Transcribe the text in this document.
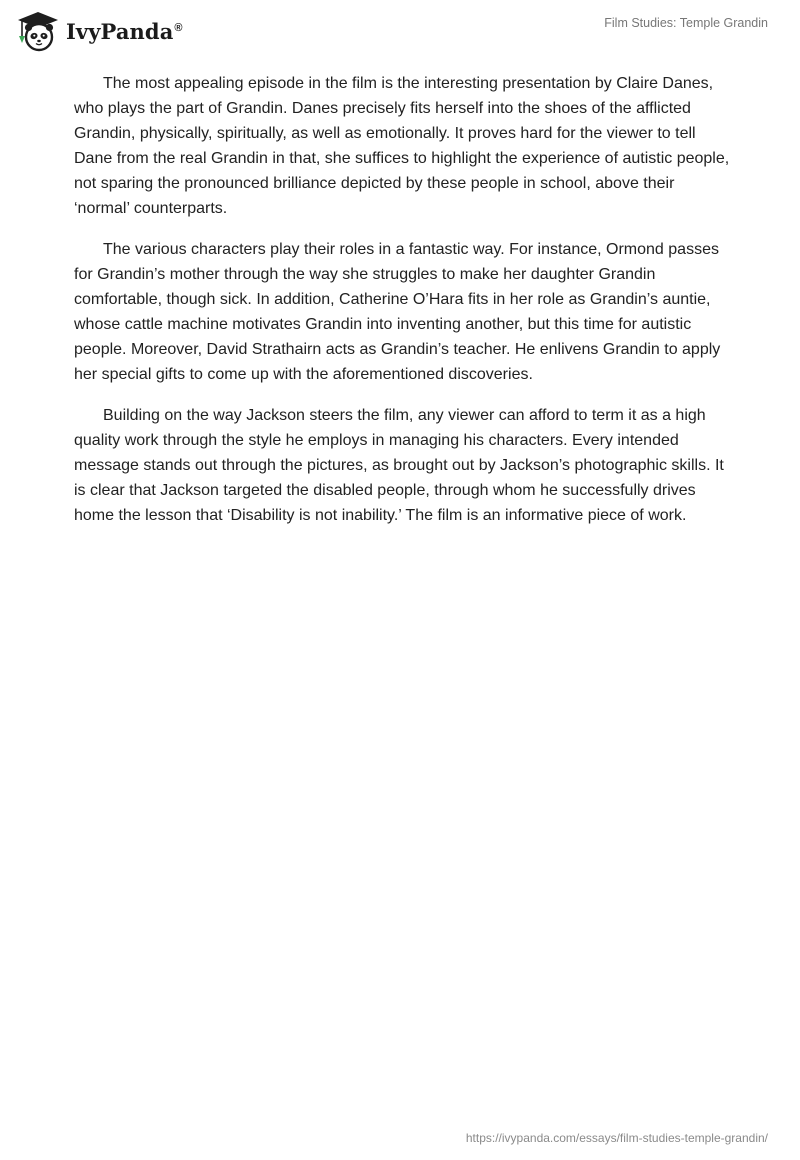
IvyPanda®	Film Studies: Temple Grandin

The most appealing episode in the film is the interesting presentation by Claire Danes, who plays the part of Grandin. Danes precisely fits herself into the shoes of the afflicted Grandin, physically, spiritually, as well as emotionally. It proves hard for the viewer to tell Dane from the real Grandin in that, she suffices to highlight the experience of autistic people, not sparing the pronounced brilliance depicted by these people in school, above their ‘normal’ counterparts.

The various characters play their roles in a fantastic way. For instance, Ormond passes for Grandin’s mother through the way she struggles to make her daughter Grandin comfortable, though sick. In addition, Catherine O’Hara fits in her role as Grandin’s auntie, whose cattle machine motivates Grandin into inventing another, but this time for autistic people. Moreover, David Strathairn acts as Grandin’s teacher. He enlivens Grandin to apply her special gifts to come up with the aforementioned discoveries.

Building on the way Jackson steers the film, any viewer can afford to term it as a high quality work through the style he employs in managing his characters. Every intended message stands out through the pictures, as brought out by Jackson’s photographic skills. It is clear that Jackson targeted the disabled people, through whom he successfully drives home the lesson that ‘Disability is not inability.’ The film is an informative piece of work.

https://ivypanda.com/essays/film-studies-temple-grandin/
